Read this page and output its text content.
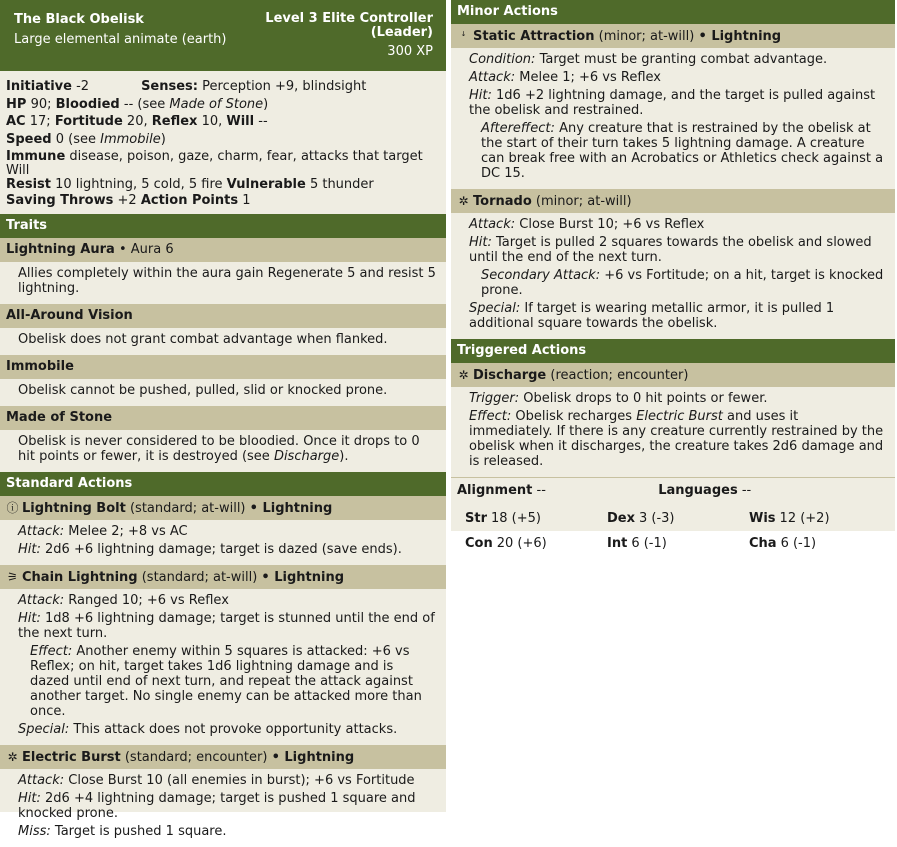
The Black Obelisk
Large elemental animate (earth)
Level 3 Elite Controller
(Leader)
300 XP
Initiative -2	Senses: Perception +9, blindsight
HP 90; Bloodied -- (see Made of Stone)
AC 17; Fortitude 20, Reflex 10, Will --
Speed 0 (see Immobile)
Immune disease, poison, gaze, charm, fear, attacks that target Will
Resist 10 lightning, 5 cold, 5 fire Vulnerable 5 thunder
Saving Throws +2 Action Points 1
Traits
Lightning Aura • Aura 6

Allies completely within the aura gain Regenerate 5 and resist 5 lightning.

All-Around Vision

Obelisk does not grant combat advantage when flanked.

Immobile

Obelisk cannot be pushed, pulled, slid or knocked prone.

Made of Stone

Obelisk is never considered to be bloodied. Once it drops to 0 hit points or fewer, it is destroyed (see Discharge).

Standard Actions
ⓘ Lightning Bolt (standard; at-will) • Lightning

Attack: Melee 2; +8 vs AC

Hit: 2d6 +6 lightning damage; target is dazed (save ends).

⚞ Chain Lightning (standard; at-will) • Lightning

Attack: Ranged 10; +6 vs Reflex

Hit: 1d8 +6 lightning damage; target is stunned until the end of the next turn.

Effect: Another enemy within 5 squares is attacked: +6 vs Reflex; on hit, target takes 1d6 lightning damage and is dazed until end of next turn, and repeat the attack against another target. No single enemy can be attacked more than once.

Special: This attack does not provoke opportunity attacks.

✲ Electric Burst (standard; encounter) • Lightning

Attack: Close Burst 10 (all enemies in burst); +6 vs Fortitude

Hit: 2d6 +4 lightning damage; target is pushed 1 square and knocked prone.

Miss: Target is pushed 1 square.

Minor Actions
ꜜ Static Attraction (minor; at-will) • Lightning

Condition: Target must be granting combat advantage.

Attack: Melee 1; +6 vs Reflex

Hit: 1d6 +2 lightning damage, and the target is pulled against the obelisk and restrained.

Aftereffect: Any creature that is restrained by the obelisk at the start of their turn takes 5 lightning damage. A creature can break free with an Acrobatics or Athletics check against a DC 15.

✲ Tornado (minor; at-will)

Attack: Close Burst 10; +6 vs Reflex

Hit: Target is pulled 2 squares towards the obelisk and slowed until the end of the next turn.

Secondary Attack: +6 vs Fortitude; on a hit, target is knocked prone.

Special: If target is wearing metallic armor, it is pulled 1 additional square towards the obelisk.

Triggered Actions
✲ Discharge (reaction; encounter)

Trigger: Obelisk drops to 0 hit points or fewer.

Effect: Obelisk recharges Electric Burst and uses it immediately. If there is any creature currently restrained by the obelisk when it discharges, the creature takes 2d6 damage and is released.

Alignment --	Languages --
Str 18 (+5)	Dex 3 (-3)	Wis 12 (+2)
Con 20 (+6)	Int 6 (-1)	Cha 6 (-1)
